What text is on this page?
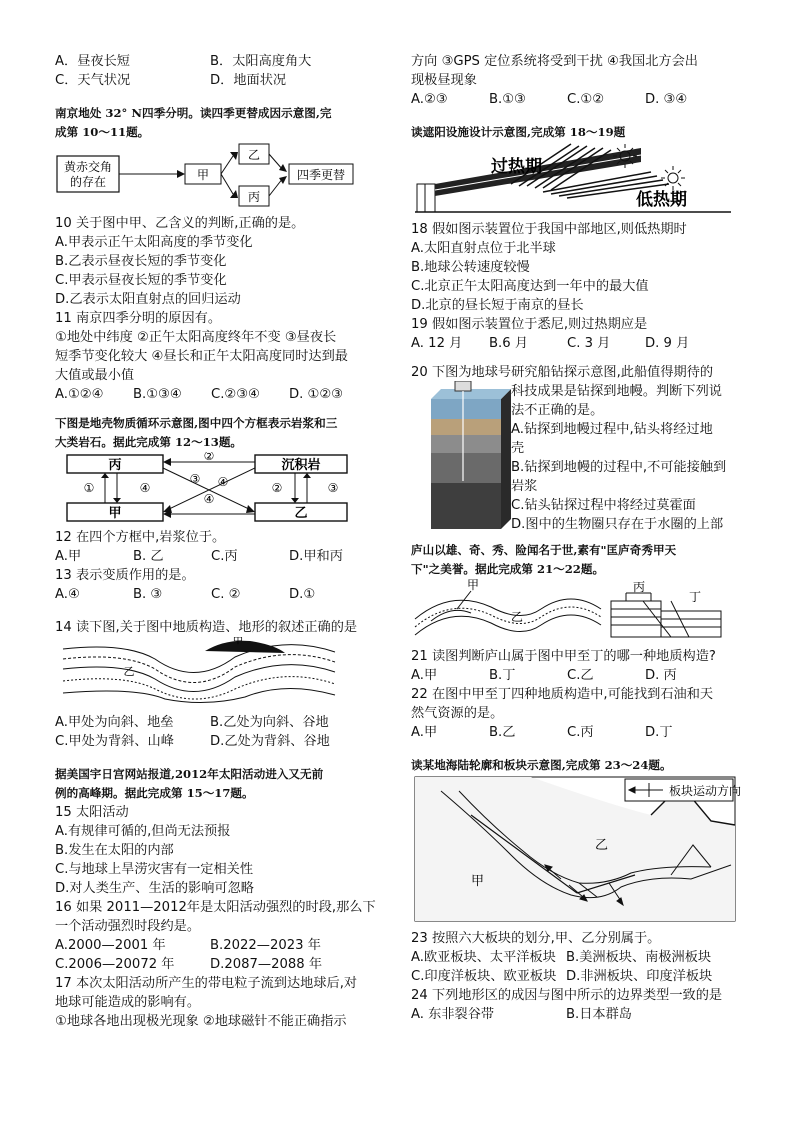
A．昼夜长短	B．太阳高度角大
C．天气状况	D．地面状况
南京地处 32° N四季分明。读四季更替成因示意图,完
成第 10～11题。
黄赤交角
的存在	甲
乙
丙
四季更替
10 关于图中甲、乙含义的判断,正确的是。
A.甲表示正午太阳高度的季节变化
B.乙表示昼夜长短的季节变化
C.甲表示昼夜长短的季节变化
D.乙表示太阳直射点的回归运动
11 南京四季分明的原因有。
①地处中纬度 ②正午太阳高度终年不变 ③昼夜长
短季节变化较大 ④昼长和正午太阳高度同时达到最
大值或最小值
A.①②④	B.①③④	C.②③④	D. ①②③
下图是地壳物质循环示意图,图中四个方框表示岩浆和三
大类岩石。据此完成第 12～13题。
丙	沉积岩
甲	乙
②
③ ④
④
①	④	②	③
12 在四个方框中,岩浆位于。
A.甲	B. 乙	C.丙	D.甲和丙
13 表示变质作用的是。
A.④	B. ③	C. ②	D.①
14 读下图,关于图中地质构造、地形的叙述正确的是
甲
乙
A.甲处为向斜、地垒	B.乙处为向斜、谷地
C.甲处为背斜、山峰	D.乙处为背斜、谷地
据美国宇日宫网站报道,2012年太阳活动进入又无前
例的高峰期。据此完成第 15～17题。
15 太阳活动
A.有规律可循的,但尚无法预报
B.发生在太阳的内部
C.与地球上旱涝灾害有一定相关性
D.对人类生产、生活的影响可忽略
16 如果 2011—2012年是太阳活动强烈的时段,那么下
一个活动强烈时段约是。
A.2000—2001 年	B.2022—2023 年
C.2006—20072 年	D.2087—2088 年
17 本次太阳活动所产生的带电粒子流到达地球后,对
地球可能造成的影响有。
①地球各地出现极光现象 ②地球磁针不能正确指示
方向 ③GPS 定位系统将受到干扰 ④我国北方会出
现极昼现象
A.②③	B.①③	C.①②	D. ③④
读遮阳设施设计示意图,完成第 18～19题
过热期
低热期
18 假如图示装置位于我国中部地区,则低热期时
A.太阳直射点位于北半球
B.地球公转速度较慢
C.北京正午太阳高度达到一年中的最大值
D.北京的昼长短于南京的昼长
19 假如图示装置位于悉尼,则过热期应是
A. 12 月	B.6 月	C. 3 月	D. 9 月
20 下图为地球号研究船钻探示意图,此船值得期待的
科技成果是钻探到地幔。判断下列说
法不正确的是。
A.钻探到地幔过程中,钻头将经过地
壳
B.钻探到地幔的过程中,不可能接触到
岩浆
C.钻头钻探过程中将经过莫霍面
D.图中的生物圈只存在于水圈的上部
庐山以雄、奇、秀、险闻名于世,素有"匡庐奇秀甲天
下"之美誉。据此完成第 21～22题。
甲
乙
丙
丁
21 读图判断庐山属于图中甲至丁的哪一种地质构造?
A.甲	B.丁	C.乙	D. 丙
22 在图中甲至丁四种地质构造中,可能找到石油和天
然气资源的是。
A.甲	B.乙	C.丙	D.丁
读某地海陆轮廓和板块示意图,完成第 23～24题。
板块运动方向
甲
乙
23 按照六大板块的划分,甲、乙分别属于。
A.欧亚板块、太平洋板块 B.美洲板块、南极洲板块
C.印度洋板块、欧亚板块 D.非洲板块、印度洋板块
24 下列地形区的成因与图中所示的边界类型一致的是
A. 东非裂谷带	B.日本群岛
